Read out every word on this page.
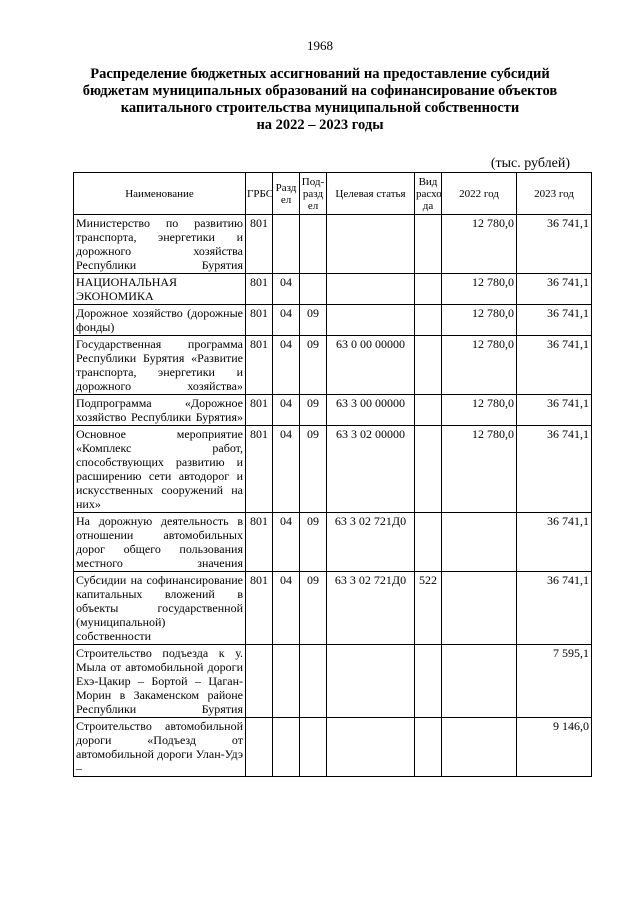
1968
Распределение бюджетных ассигнований на предоставление субсидий
бюджетам муниципальных образований на софинансирование объектов
капитального строительства муниципальной собственности
на 2022 – 2023 годы
(тыс. рублей)
Наименование	ГРБС	Разд ел	Под- разд ел	Целевая статья	Вид расхо да	2022 год	2023 год
Министерство по развитию транспорта, энергетики и дорожного хозяйства Республики Бурятия	801					12 780,0	36 741,1
НАЦИОНАЛЬНАЯ ЭКОНОМИКА	801	04				12 780,0	36 741,1
Дорожное хозяйство (дорожные фонды)	801	04	09			12 780,0	36 741,1
Государственная программа Республики Бурятия «Развитие транспорта, энергетики и дорожного хозяйства»	801	04	09	63 0 00 00000		12 780,0	36 741,1
Подпрограмма «Дорожное хозяйство Республики Бурятия»	801	04	09	63 3 00 00000		12 780,0	36 741,1
Основное мероприятие «Комплекс работ, способствующих развитию и расширению сети автодорог и искусственных сооружений на них»	801	04	09	63 3 02 00000		12 780,0	36 741,1
На дорожную деятельность в отношении автомобильных дорог общего пользования местного значения	801	04	09	63 3 02 721Д0			36 741,1
Субсидии на софинансирование капитальных вложений в объекты государственной (муниципальной) собственности	801	04	09	63 3 02 721Д0	522		36 741,1
Строительство подъезда к у. Мыла от автомобильной дороги Ехэ-Цакир – Бортой – Цаган-Морин в Закаменском районе Республики Бурятия							7 595,1
Строительство автомобильной дороги «Подъезд от автомобильной дороги Улан-Удэ –							9 146,0
